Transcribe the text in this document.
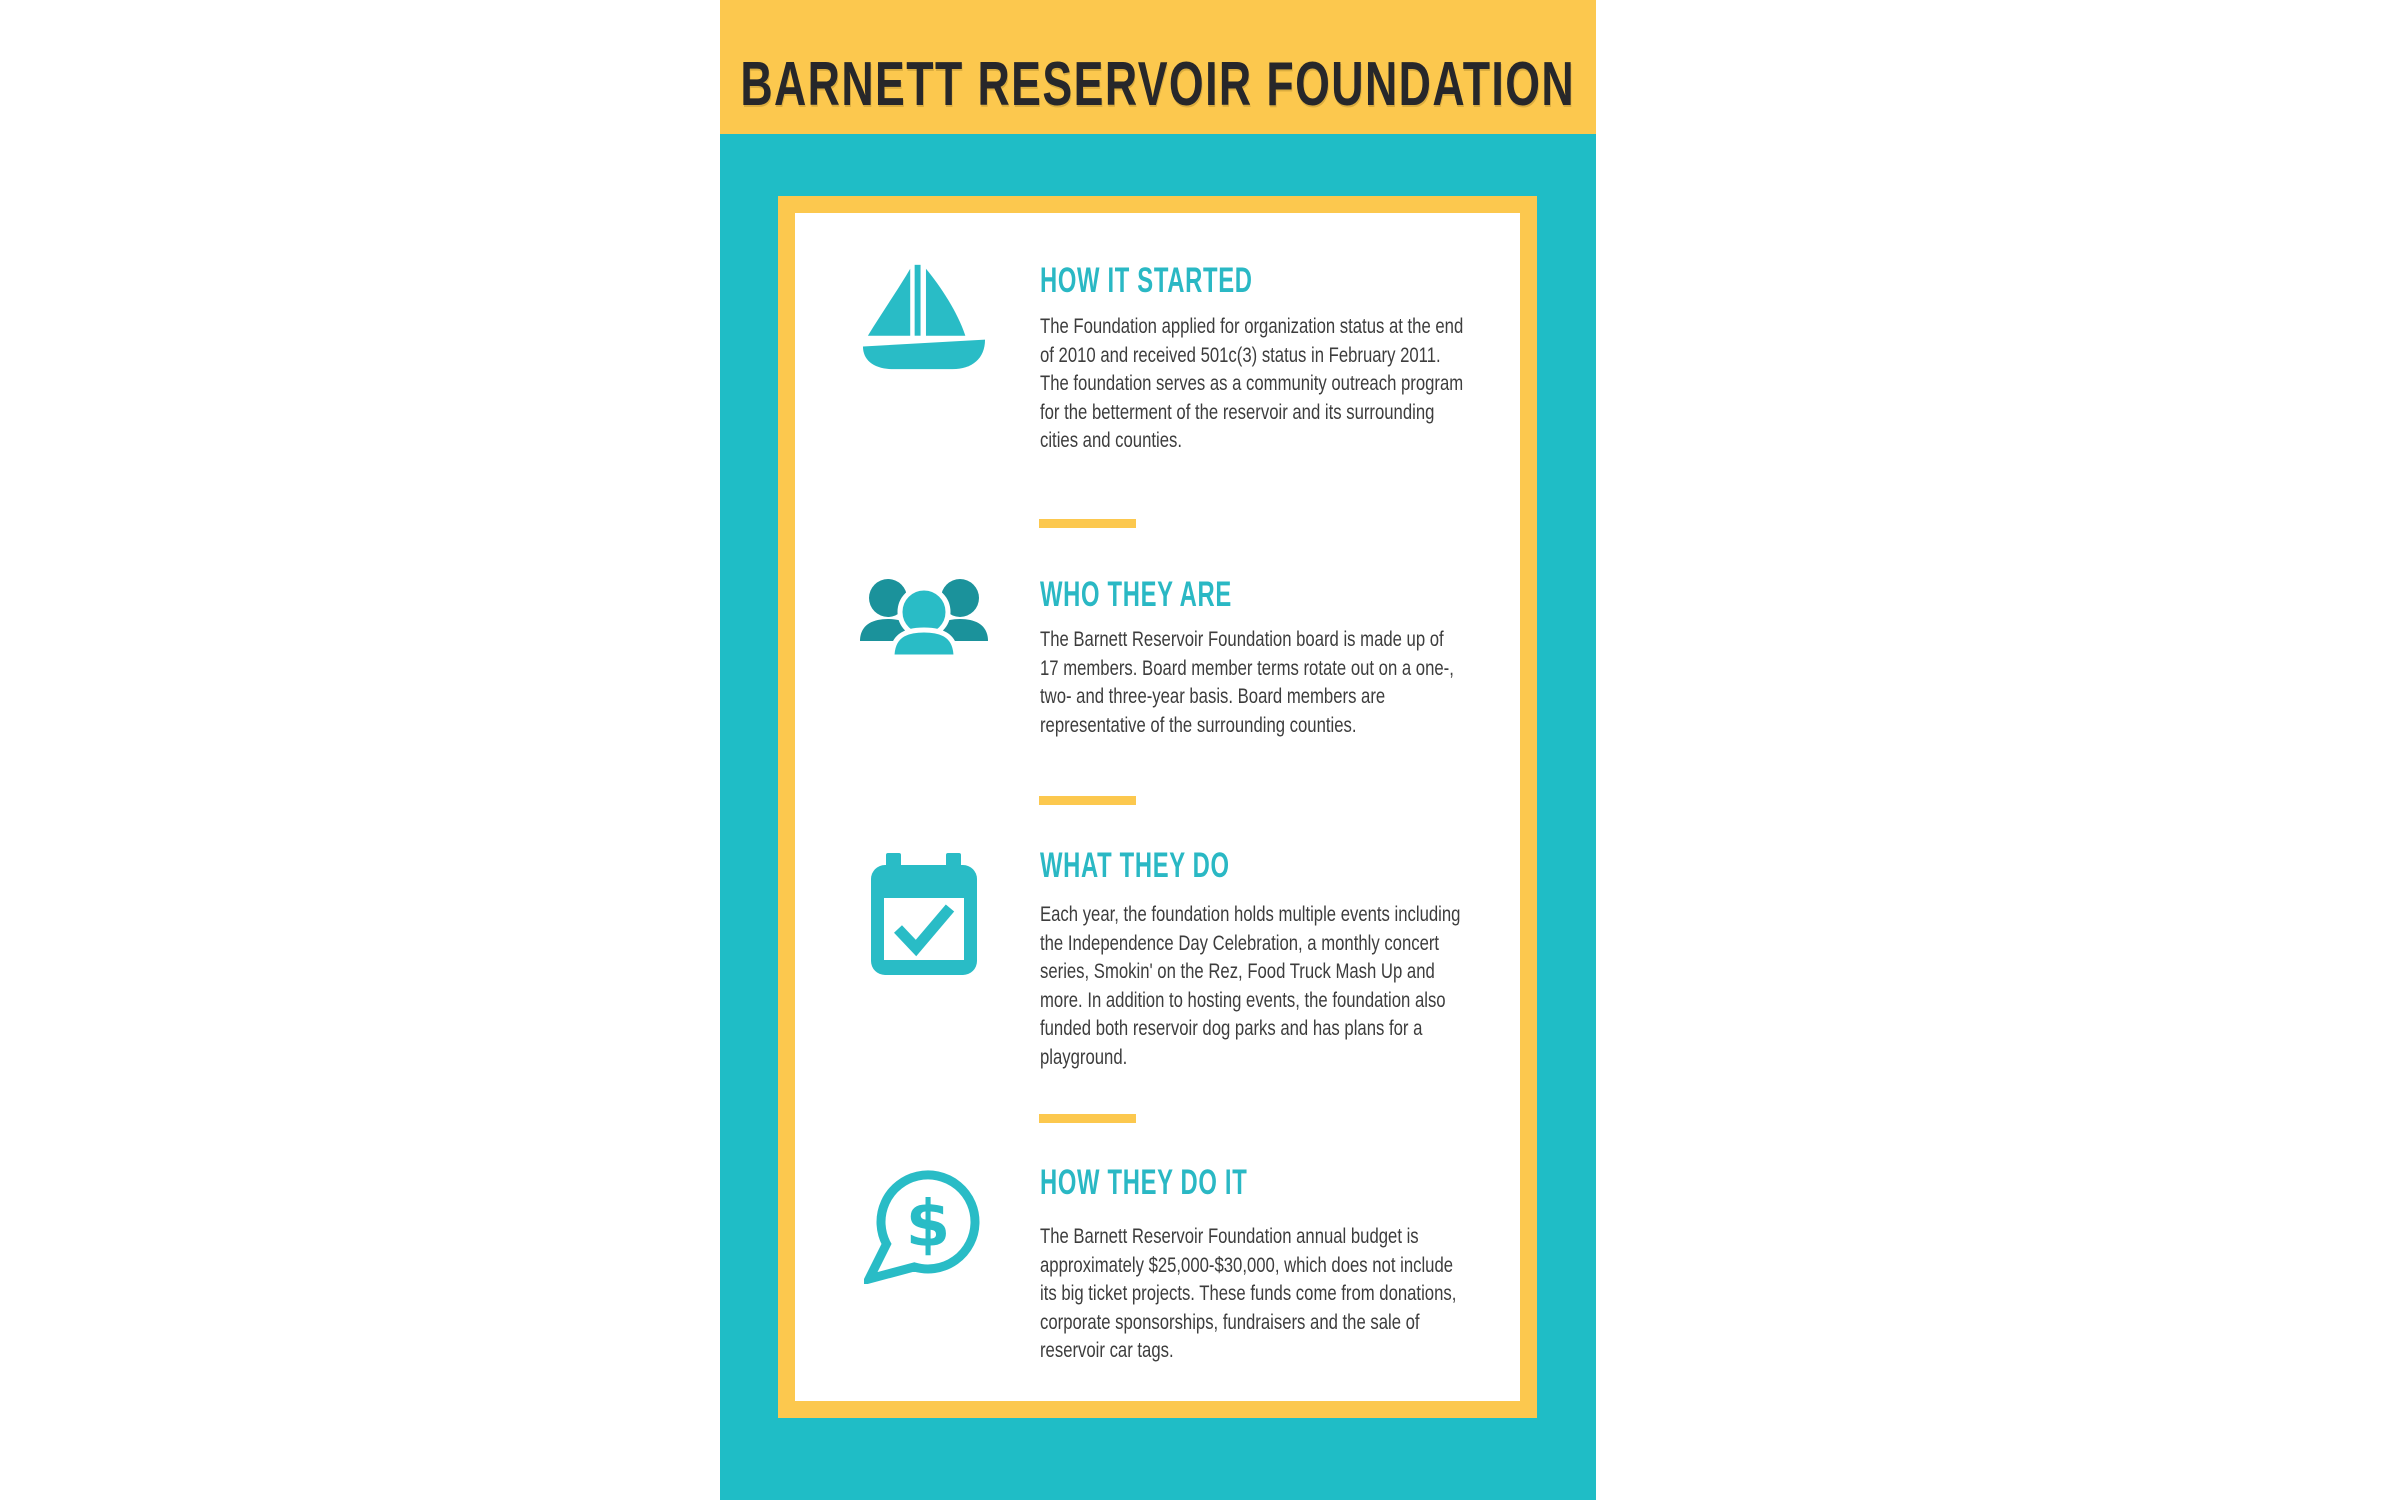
BARNETT RESERVOIR FOUNDATION
HOW IT STARTED
The Foundation applied for organization status at the end of 2010 and received 501c(3) status in February 2011. The foundation serves as a community outreach program for the betterment of the reservoir and its surrounding cities and counties.
WHO THEY ARE
The Barnett Reservoir Foundation board is made up of 17 members. Board member terms rotate out on a one-, two- and three-year basis. Board members are representative of the surrounding counties.
WHAT THEY DO
Each year, the foundation holds multiple events including the Independence Day Celebration, a monthly concert series, Smokin' on the Rez, Food Truck Mash Up and more. In addition to hosting events, the foundation also funded both reservoir dog parks and has plans for a playground.
$
HOW THEY DO IT
The Barnett Reservoir Foundation annual budget is approximately $25,000-$30,000, which does not include its big ticket projects. These funds come from donations, corporate sponsorships, fundraisers and the sale of reservoir car tags.
